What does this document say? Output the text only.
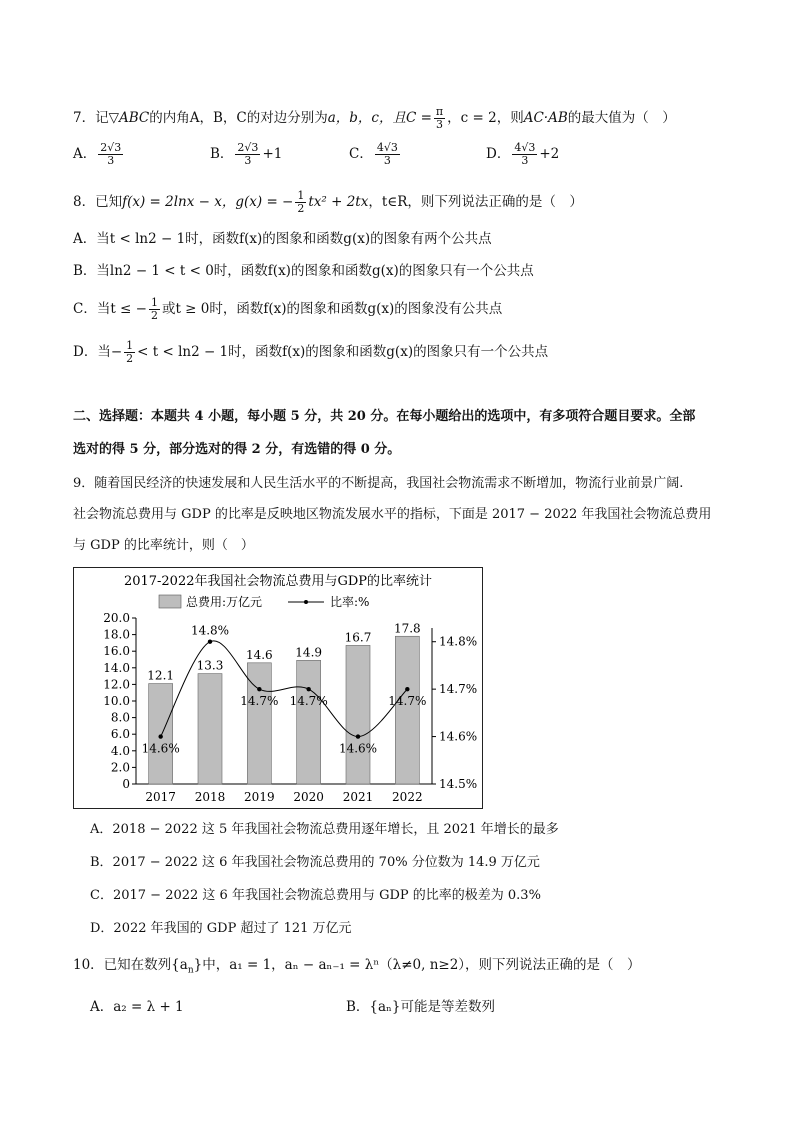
7．记▽ABC的内角A，B，C的对边分别为a，b，c，且$C = \frac{\pi}{3}$ ，c = 2，则AC·AB的最大值为（　）
A． $\frac{2√3}{3}$	B． $\frac{2√3}{3} +1$	C． $\frac{4√3}{3}$	D． $\frac{4√3}{3} +2$
8．已知f(x) = 2lnx − x，g(x) = − $\frac{1}{2} tx^2 + 2tx$，t∈R，则下列说法正确的是（　）
A．当t < ln2 − 1时，函数f(x)的图象和函数g(x)的图象有两个公共点
B．当ln2 − 1 < t < 0时，函数f(x)的图象和函数g(x)的图象只有一个公共点
C．当t ≤ − $\frac{1}{2}$ 或t ≥ 0时，函数f(x)的图象和函数g(x)的图象没有公共点
D．当− $\frac{1}{2} < t < \ln 2 - 1$时，函数f(x)的图象和函数g(x)的图象只有一个公共点
二、选择题：本题共 4 小题，每小题 5 分，共 20 分。在每小题给出的选项中，有多项符合题目要求。全部
选对的得 5 分，部分选对的得 2 分，有选错的得 0 分。
9．随着国民经济的快速发展和人民生活水平的不断提高，我国社会物流需求不断增加，物流行业前景广阔.
社会物流总费用与 GDP 的比率是反映地区物流发展水平的指标，下面是 2017 − 2022 年我国社会物流总费用
与 GDP 的比率统计，则（　）
2017-2022年我国社会物流总费用与GDP的比率统计
总费用:万亿元	比率:%
20.0
18.0
16.0
14.0
12.0
10.0
8.0
6.0
4.0
2.0
0
14.8%
14.7%
14.6%
14.5%
2017 2018 2019 2020 2021 2022
12.1
13.3
14.6 14.9
16.7
17.8
14.6%
14.8%
14.7% 14.7%
14.6%
14.7%
A．2018 − 2022 这 5 年我国社会物流总费用逐年增长，且 2021 年增长的最多
B．2017 − 2022 这 6 年我国社会物流总费用的 70% 分位数为 14.9 万亿元
C．2017 − 2022 这 6 年我国社会物流总费用与 GDP 的比率的极差为 0.3%
D．2022 年我国的 GDP 超过了 121 万亿元
10．已知在数列$\{a_n\}$中，a₁ = 1，aₙ − aₙ₋₁ = λⁿ（λ≠0, n≥2），则下列说法正确的是（　）
A．a₂ = λ + 1	B．{aₙ}可能是等差数列
